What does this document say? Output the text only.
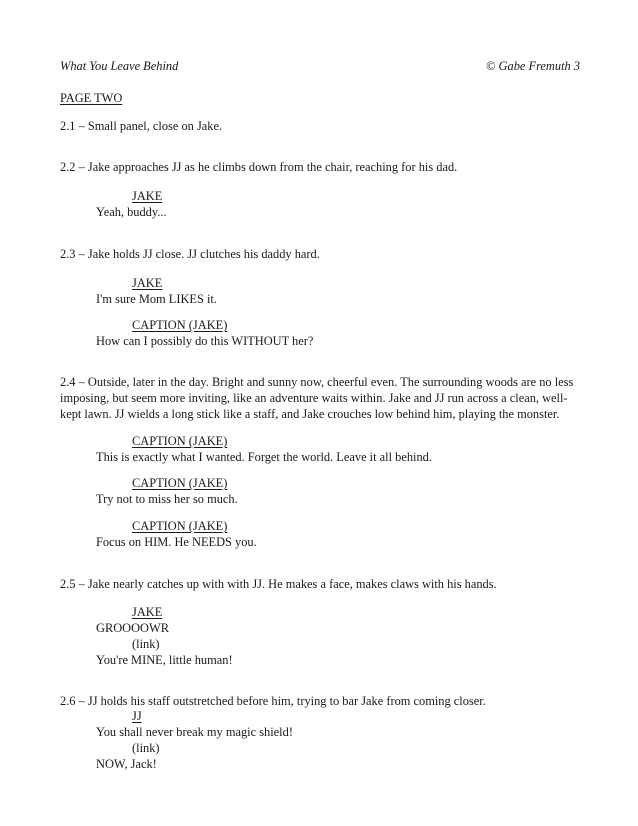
What You Leave Behind	© Gabe Fremuth 3
PAGE TWO
2.1 – Small panel, close on Jake.
2.2 – Jake approaches JJ as he climbs down from the chair, reaching for his dad.
JAKE
Yeah, buddy...
2.3 – Jake holds JJ close. JJ clutches his daddy hard.
JAKE
I'm sure Mom LIKES it.
CAPTION (JAKE)
How can I possibly do this WITHOUT her?
2.4 – Outside, later in the day. Bright and sunny now, cheerful even. The surrounding woods are no less imposing, but seem more inviting, like an adventure waits within. Jake and JJ run across a clean, well-kept lawn. JJ wields a long stick like a staff, and Jake crouches low behind him, playing the monster.
CAPTION (JAKE)
This is exactly what I wanted. Forget the world. Leave it all behind.
CAPTION (JAKE)
Try not to miss her so much.
CAPTION (JAKE)
Focus on HIM. He NEEDS you.
2.5 – Jake nearly catches up with with JJ. He makes a face, makes claws with his hands.
JAKE
GROOOOWR
(link)
You're MINE, little human!
2.6 – JJ holds his staff outstretched before him, trying to bar Jake from coming closer.
JJ
You shall never break my magic shield!
(link)
NOW, Jack!
